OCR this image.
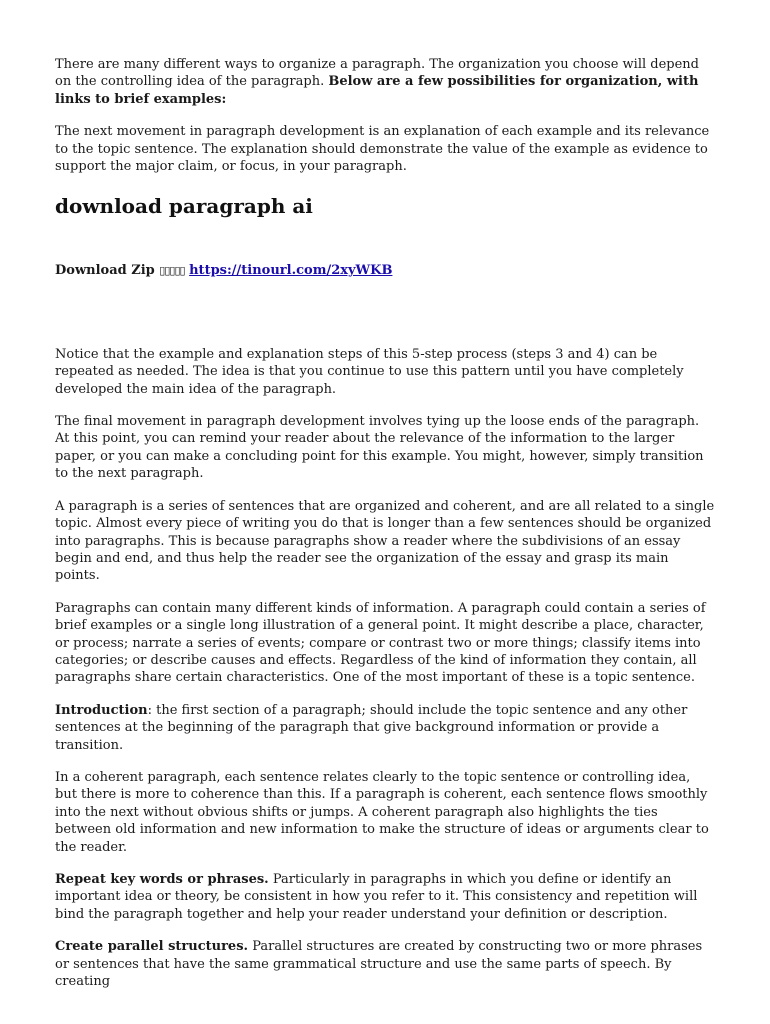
There are many different ways to organize a paragraph. The organization you choose will depend on the controlling idea of the paragraph. Below are a few possibilities for organization, with links to brief examples:

The next movement in paragraph development is an explanation of each example and its relevance to the topic sentence. The explanation should demonstrate the value of the example as evidence to support the major claim, or focus, in your paragraph.

download paragraph ai

Download Zip ▯▯▯▯▯ https://tinourl.com/2xyWKB

Notice that the example and explanation steps of this 5-step process (steps 3 and 4) can be repeated as needed. The idea is that you continue to use this pattern until you have completely developed the main idea of the paragraph.

The final movement in paragraph development involves tying up the loose ends of the paragraph. At this point, you can remind your reader about the relevance of the information to the larger paper, or you can make a concluding point for this example. You might, however, simply transition to the next paragraph.

A paragraph is a series of sentences that are organized and coherent, and are all related to a single topic. Almost every piece of writing you do that is longer than a few sentences should be organized into paragraphs. This is because paragraphs show a reader where the subdivisions of an essay begin and end, and thus help the reader see the organization of the essay and grasp its main points.

Paragraphs can contain many different kinds of information. A paragraph could contain a series of brief examples or a single long illustration of a general point. It might describe a place, character, or process; narrate a series of events; compare or contrast two or more things; classify items into categories; or describe causes and effects. Regardless of the kind of information they contain, all paragraphs share certain characteristics. One of the most important of these is a topic sentence.

Introduction: the first section of a paragraph; should include the topic sentence and any other sentences at the beginning of the paragraph that give background information or provide a transition.

In a coherent paragraph, each sentence relates clearly to the topic sentence or controlling idea, but there is more to coherence than this. If a paragraph is coherent, each sentence flows smoothly into the next without obvious shifts or jumps. A coherent paragraph also highlights the ties between old information and new information to make the structure of ideas or arguments clear to the reader.

Repeat key words or phrases. Particularly in paragraphs in which you define or identify an important idea or theory, be consistent in how you refer to it. This consistency and repetition will bind the paragraph together and help your reader understand your definition or description.

Create parallel structures. Parallel structures are created by constructing two or more phrases or sentences that have the same grammatical structure and use the same parts of speech. By creating
